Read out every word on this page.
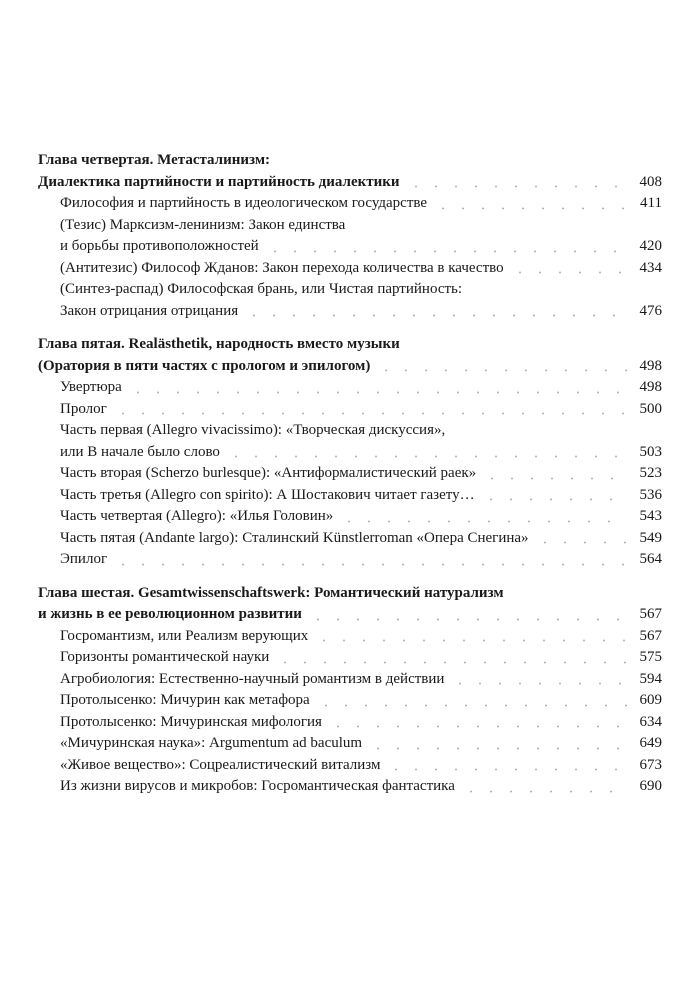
Глава четвертая. Метасталинизм:
Диалектика партийности и партийность диалектики	408
Философия и партийность в идеологическом государстве	411
(Тезис) Марксизм-ленинизм: Закон единства
и борьбы противоположностей	420
(Антитезис) Философ Жданов: Закон перехода количества в качество	434
(Синтез-распад) Философская брань, или Чистая партийность:
Закон отрицания отрицания	476
Глава пятая. Realästhetik, народность вместо музыки
(Оратория в пяти частях с прологом и эпилогом)	498
Увертюра	498
Пролог	500
Часть первая (Allegro vivacissimo): «Творческая дискуссия»,
или В начале было слово	503
Часть вторая (Scherzo burlesque): «Антиформалистический раек»	523
Часть третья (Allegro con spirito): А Шостакович читает газету…	536
Часть четвертая (Allegro): «Илья Головин»	543
Часть пятая (Andante largo): Сталинский Künstlerroman «Опера Снегина»	549
Эпилог	564
Глава шестая. Gesamtwissenschaftswerk: Романтический натурализм
и жизнь в ее революционном развитии	567
Госромантизм, или Реализм верующих	567
Горизонты романтической науки	575
Агробиология: Естественно-научный романтизм в действии	594
Протолысенко: Мичурин как метафора	609
Протолысенко: Мичуринская мифология	634
«Мичуринская наука»: Argumentum ad baculum	649
«Живое вещество»: Соцреалистический витализм	673
Из жизни вирусов и микробов: Госромантическая фантастика	690
